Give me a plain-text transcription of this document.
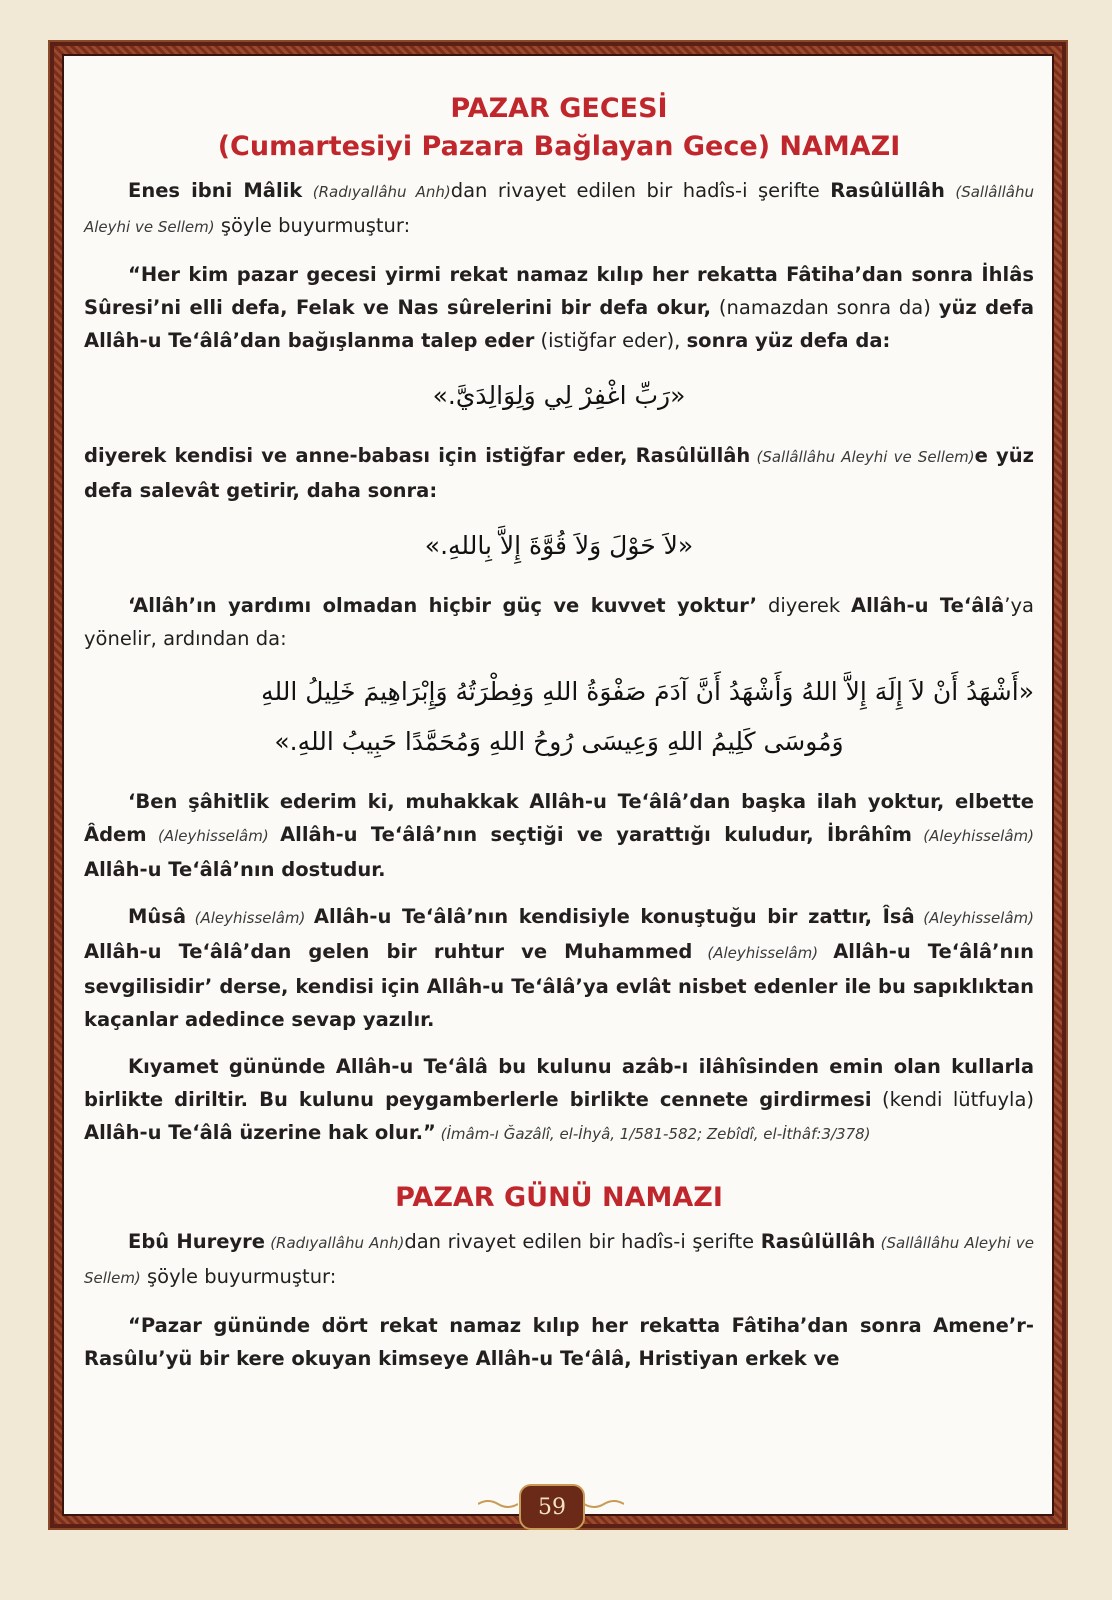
PAZAR GECESİ
(Cumartesiyi Pazara Bağlayan Gece) NAMAZI

Enes ibni Mâlik (Radıyallâhu Anh)dan rivayet edilen bir hadîs-i şerifte Rasûlüllâh (Sallâllâhu Aleyhi ve Sellem) şöyle buyurmuştur:

“Her kim pazar gecesi yirmi rekat namaz kılıp her rekatta Fâtiha’dan sonra İhlâs Sûresi’ni elli defa, Felak ve Nas sûrelerini bir defa okur, (namazdan sonra da) yüz defa Allâh-u Te‘âlâ’dan bağışlanma talep eder (istiğfar eder), sonra yüz defa da:

«رَبِّ اغْفِرْ لِي وَلِوَالِدَيَّ.»

diyerek kendisi ve anne-babası için istiğfar eder, Rasûlüllâh (Sallâllâhu Aleyhi ve Sellem)e yüz defa salevât getirir, daha sonra:

«لاَ حَوْلَ وَلاَ قُوَّةَ إِلاَّ بِاللهِ.»

‘Allâh’ın yardımı olmadan hiçbir güç ve kuvvet yoktur’ diyerek Allâh-u Te‘âlâ’ya yönelir, ardından da:

«أَشْهَدُ أَنْ لاَ إِلَهَ إِلاَّ اللهُ وَأَشْهَدُ أَنَّ آدَمَ صَفْوَةُ اللهِ وَفِطْرَتُهُ وَإِبْرَاهِيمَ خَلِيلُ اللهِ
وَمُوسَى كَلِيمُ اللهِ وَعِيسَى رُوحُ اللهِ وَمُحَمَّدًا حَبِيبُ اللهِ.»

‘Ben şâhitlik ederim ki, muhakkak Allâh-u Te‘âlâ’dan başka ilah yoktur, elbette Âdem (Aleyhisselâm) Allâh-u Te‘âlâ’nın seçtiği ve yarattığı kuludur, İbrâhîm (Aleyhisselâm) Allâh-u Te‘âlâ’nın dostudur.

Mûsâ (Aleyhisselâm) Allâh-u Te‘âlâ’nın kendisiyle konuştuğu bir zattır, Îsâ (Aleyhisselâm) Allâh-u Te‘âlâ’dan gelen bir ruhtur ve Muhammed (Aleyhisselâm) Allâh-u Te‘âlâ’nın sevgilisidir’ derse, kendisi için Allâh-u Te‘âlâ’ya evlât nisbet edenler ile bu sapıklıktan kaçanlar adedince sevap yazılır.

Kıyamet gününde Allâh-u Te‘âlâ bu kulunu azâb-ı ilâhîsinden emin olan kullarla birlikte diriltir. Bu kulunu peygamberlerle birlikte cennete girdirmesi (kendi lütfuyla) Allâh-u Te‘âlâ üzerine hak olur.” (İmâm-ı Ğazâlî, el-İhyâ, 1/581-582; Zebîdî, el-İthâf:3/378)

PAZAR GÜNÜ NAMAZI

Ebû Hureyre (Radıyallâhu Anh)dan rivayet edilen bir hadîs-i şerifte Rasûlüllâh (Sallâllâhu Aleyhi ve Sellem) şöyle buyurmuştur:

“Pazar gününde dört rekat namaz kılıp her rekatta Fâtiha’dan sonra Amene’r-Rasûlu’yü bir kere okuyan kimseye Allâh-u Te‘âlâ, Hristiyan erkek ve

59
